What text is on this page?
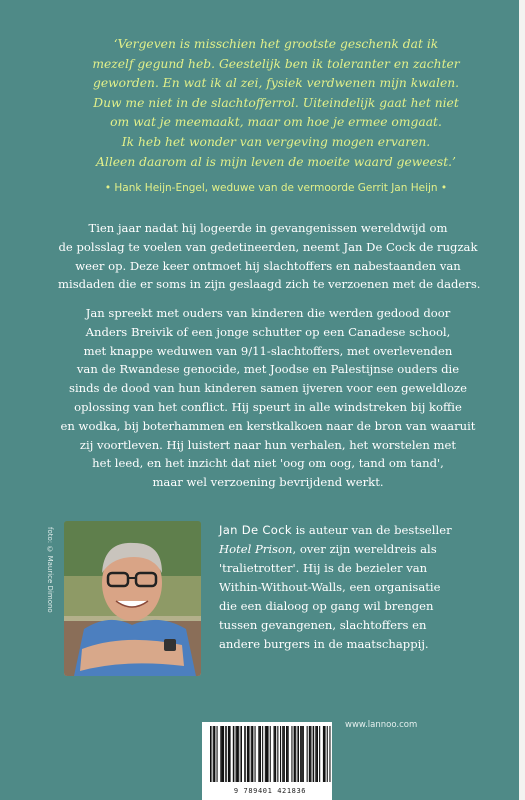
‘Vergeven is misschien het grootste geschenk dat ik
mezelf gegund heb. Geestelijk ben ik toleranter en zachter
geworden. En wat ik al zei, fysiek verdwenen mijn kwalen.
Duw me niet in de slachtofferrol. Uiteindelijk gaat het niet
om wat je meemaakt, maar om hoe je ermee omgaat.
Ik heb het wonder van vergeving mogen ervaren.
Alleen daarom al is mijn leven de moeite waard geweest.’
• Hank Heijn-Engel, weduwe van de vermoorde Gerrit Jan Heijn •
Tien jaar nadat hij logeerde in gevangenissen wereldwijd om
de polsslag te voelen van gedetineerden, neemt Jan De Cock de rugzak
weer op. Deze keer ontmoet hij slachtoffers en nabestaanden van
misdaden die er soms in zijn geslaagd zich te verzoenen met de daders.
Jan spreekt met ouders van kinderen die werden gedood door
Anders Breivik of een jonge schutter op een Canadese school,
met knappe weduwen van 9/11-slachtoffers, met overlevenden
van de Rwandese genocide, met Joodse en Palestijnse ouders die
sinds de dood van hun kinderen samen ijveren voor een geweldloze
oplossing van het conflict. Hij speurt in alle windstreken bij koffie
en wodka, bij boterhammen en kerstkalkoen naar de bron van waaruit
zij voortleven. Hij luistert naar hun verhalen, het worstelen met
het leed, en het inzicht dat niet 'oog om oog, tand om tand',
maar wel verzoening bevrijdend werkt.
foto: © Maurice Dimono	Jan De Cock is auteur van de bestseller
Hotel Prison, over zijn wereldreis als
'tralietrotter'. Hij is de bezieler van
Within-Without-Walls, een organisatie
die een dialoog op gang wil brengen
tussen gevangenen, slachtoffers en
andere burgers in de maatschappij.
www.lannoo.com
9 789401 421836
